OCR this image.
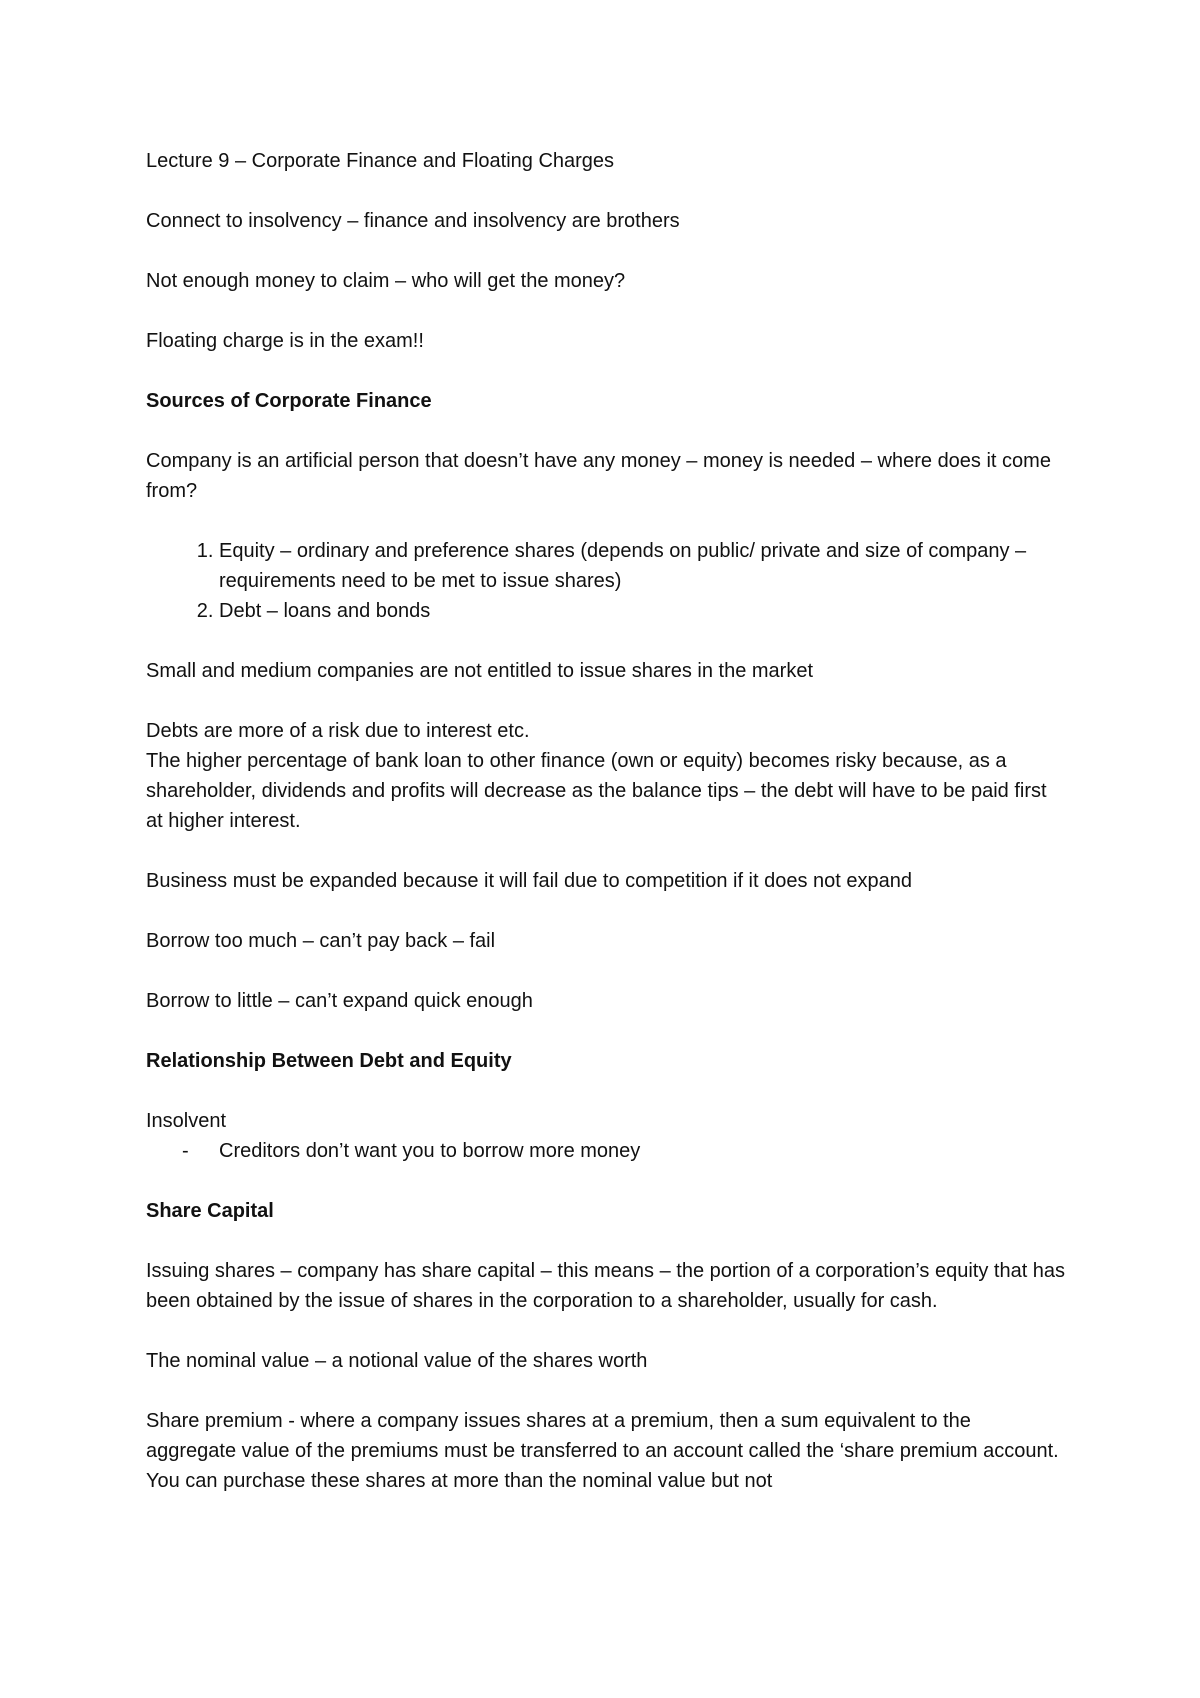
Lecture 9 – Corporate Finance and Floating Charges

Connect to insolvency – finance and insolvency are brothers

Not enough money to claim – who will get the money?

Floating charge is in the exam!!

Sources of Corporate Finance

Company is an artificial person that doesn’t have any money – money is needed – where does it come from?

1. Equity – ordinary and preference shares (depends on public/ private and size of company – requirements need to be met to issue shares)
2. Debt – loans and bonds

Small and medium companies are not entitled to issue shares in the market

Debts are more of a risk due to interest etc.

The higher percentage of bank loan to other finance (own or equity) becomes risky because, as a shareholder, dividends and profits will decrease as the balance tips – the debt will have to be paid first at higher interest.

Business must be expanded because it will fail due to competition if it does not expand

Borrow too much – can’t pay back – fail

Borrow to little – can’t expand quick enough

Relationship Between Debt and Equity

Insolvent

- Creditors don’t want you to borrow more money

Share Capital

Issuing shares – company has share capital – this means – the portion of a corporation’s equity that has been obtained by the issue of shares in the corporation to a shareholder, usually for cash.

The nominal value – a notional value of the shares worth

Share premium - where a company issues shares at a premium, then a sum equivalent to the aggregate value of the premiums must be transferred to an account called the ‘share premium account. You can purchase these shares at more than the nominal value but not
